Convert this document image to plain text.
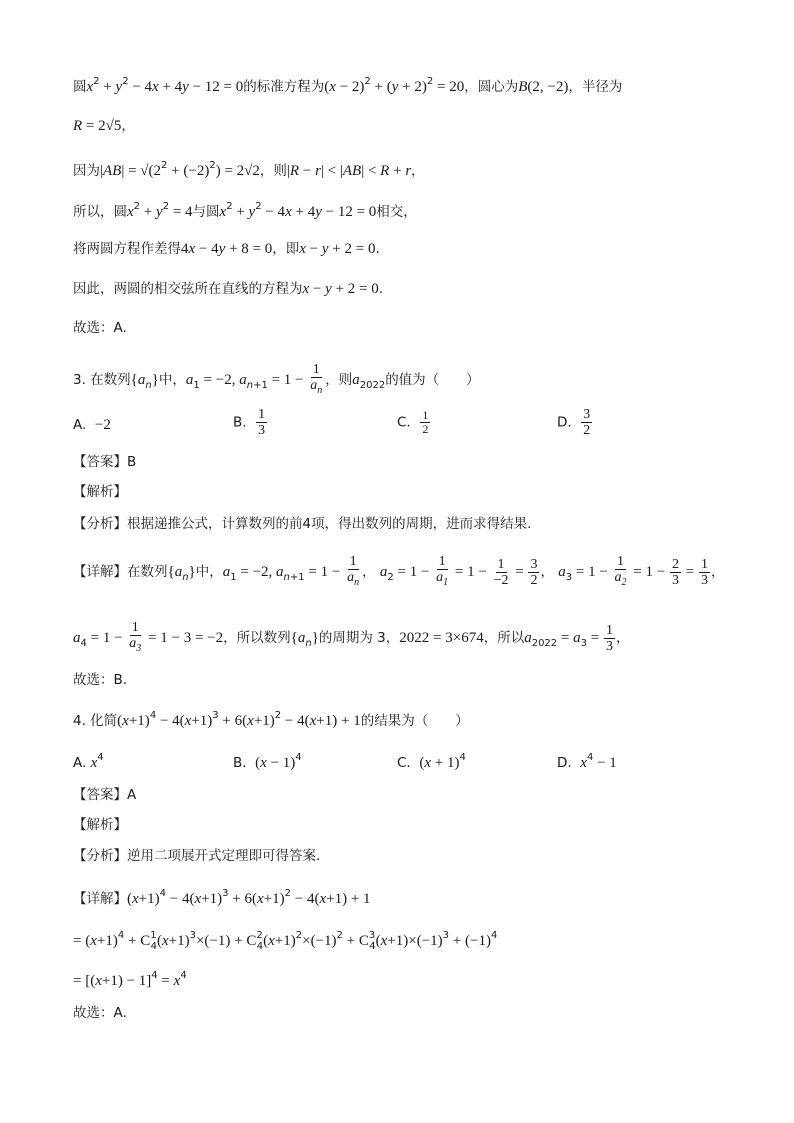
圆$x^2 + y^2 - 4x + 4y - 12 = 0$的标准方程为$(x - 2)^2 + (y + 2)^2 = 20$，圆心为B(2, −2)，半径为
R = 2√5，
因为$|AB| = √(2^2 + (-2)^2) = 2√2$，则|R − r| < |AB| < R + r，
所以，圆$x^2 + y^2 = 4$与圆$x^2 + y^2 - 4x + 4y - 12 = 0$相交，
将两圆方程作差得4x − 4y + 8 = 0，即x − y + 2 = 0.
因此，两圆的相交弦所在直线的方程为x − y + 2 = 0.
故选：A.
3. 在数列$\{a_n\}$中，$a_1 = -2$, $a_{n+1} = 1 - \frac{1}{a_n}$ ，则$a_{2022}$的值为（　　）
A.  −2	B. $\frac{1}{3}$	C. $\frac{1}{2}$	D. $\frac{3}{2}$
【答案】B
【解析】
【分析】根据递推公式，计算数列的前4项，得出数列的周期，进而求得结果.
【详解】在数列$\{a_n\}$中，$a_1 = -2$, $a_{n+1} = 1 - \frac{1}{a_n}$ ， $a_2 = 1 - \frac{1}{a_1} = 1 - \frac{1}{-2} = \frac{3}{2}$ ， $a_3 = 1 - \frac{1}{a_2} = 1 - \frac{2}{3} = \frac{1}{3}$ ，
$a_4 = 1 - \frac{1}{a_3} = 1 - 3 = -2$，所以数列$\{a_n\}$的周期为 3，2022 = 3×674，所以$a_{2022} = a_3 = \frac{1}{3}$ ，
故选：B.
4. 化简$(x+1)^4 - 4(x+1)^3 + 6(x+1)^2 - 4(x+1) + 1$的结果为（　　）
A. $x^4$	B.  $(x - 1)^4$	C.  $(x + 1)^4$	D.  $x^4 - 1$
【答案】A
【解析】
【分析】逆用二项展开式定理即可得答案.
【详解】$(x+1)^4 - 4(x+1)^3 + 6(x+1)^2 - 4(x+1) + 1$
= $(x+1)^4 + C^1_4(x+1)^3\times(-1) + C^2_4(x+1)^2\times(-1)^2 + C^3_4(x+1)\times(-1)^3 + (-1)^4$
= $[(x+1) - 1]^4 = x^4$
故选：A.
